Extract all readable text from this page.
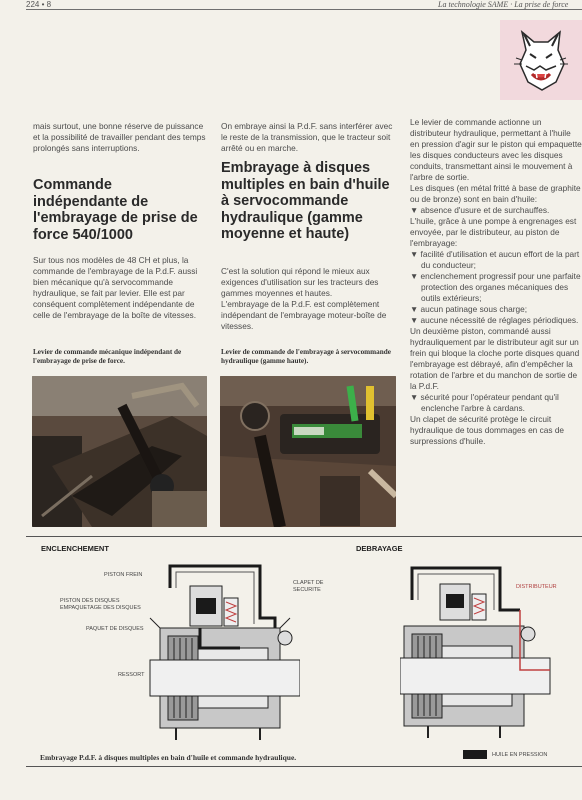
224 • 8	La technologie SAME · La prise de force
mais surtout, une bonne réserve de puissance et la possibilité de travailler pendant des temps prolongés sans interruptions.
Commande indépendante de l'embrayage de prise de force 540/1000
Sur tous nos modèles de 48 CH et plus, la commande de l'embrayage de la P.d.F. aussi bien mécanique qu'à servocommande hydraulique, se fait par levier. Elle est par conséquent complètement indépendante de celle de l'embrayage de la boîte de vitesses.
Levier de commande mécanique indépendant de l'embrayage de prise de force.
On embraye ainsi la P.d.F. sans interférer avec le reste de la transmission, que le tracteur soit arrêté ou en marche.
Embrayage à disques multiples en bain d'huile à servocommande hydraulique (gamme moyenne et haute)
C'est la solution qui répond le mieux aux exigences d'utilisation sur les tracteurs des gammes moyennes et hautes.
L'embrayage de la P.d.F. est complètement indépendant de l'embrayage moteur-boîte de vitesses.
Levier de commande de l'embrayage à servocommande hydraulique (gamme haute).

Le levier de commande actionne un distributeur hydraulique, permettant à l'huile en pression d'agir sur le piston qui empaquette les disques conducteurs avec les disques conduits, transmettant ainsi le mouvement à l'arbre de sortie.

Les disques (en métal fritté à base de graphite ou de bronze) sont en bain d'huile:

▼ absence d'usure et de surchauffes.

L'huile, grâce à une pompe à engrenages est envoyée, par le distributeur, au piston de l'embrayage:

▼ facilité d'utilisation et aucun effort de la part du conducteur;

▼ enclenchement progressif pour une parfaite protection des organes mécaniques des outils extérieurs;

▼ aucun patinage sous charge;

▼ aucune nécessité de réglages périodiques.

Un deuxième piston, commandé aussi hydrauliquement par le distributeur agit sur un frein qui bloque la cloche porte disques quand l'embrayage est débrayé, afin d'empêcher la rotation de l'arbre et du manchon de sortie de la P.d.F.

▼ sécurité pour l'opérateur pendant qu'il enclenche l'arbre à cardans.

Un clapet de sécurité protège le circuit hydraulique de tous dommages en cas de surpressions d'huile.

ENCLENCHEMENT	DEBRAYAGE
PISTON FREIN
PISTON DES DISQUES EMPAQUETAGE DES DISQUES
PAQUET DE DISQUES
RESSORT
CLAPET DE SECURITE	DISTRIBUTEUR
HUILE EN PRESSION
Embrayage P.d.F. à disques multiples en bain d'huile et commande hydraulique.
